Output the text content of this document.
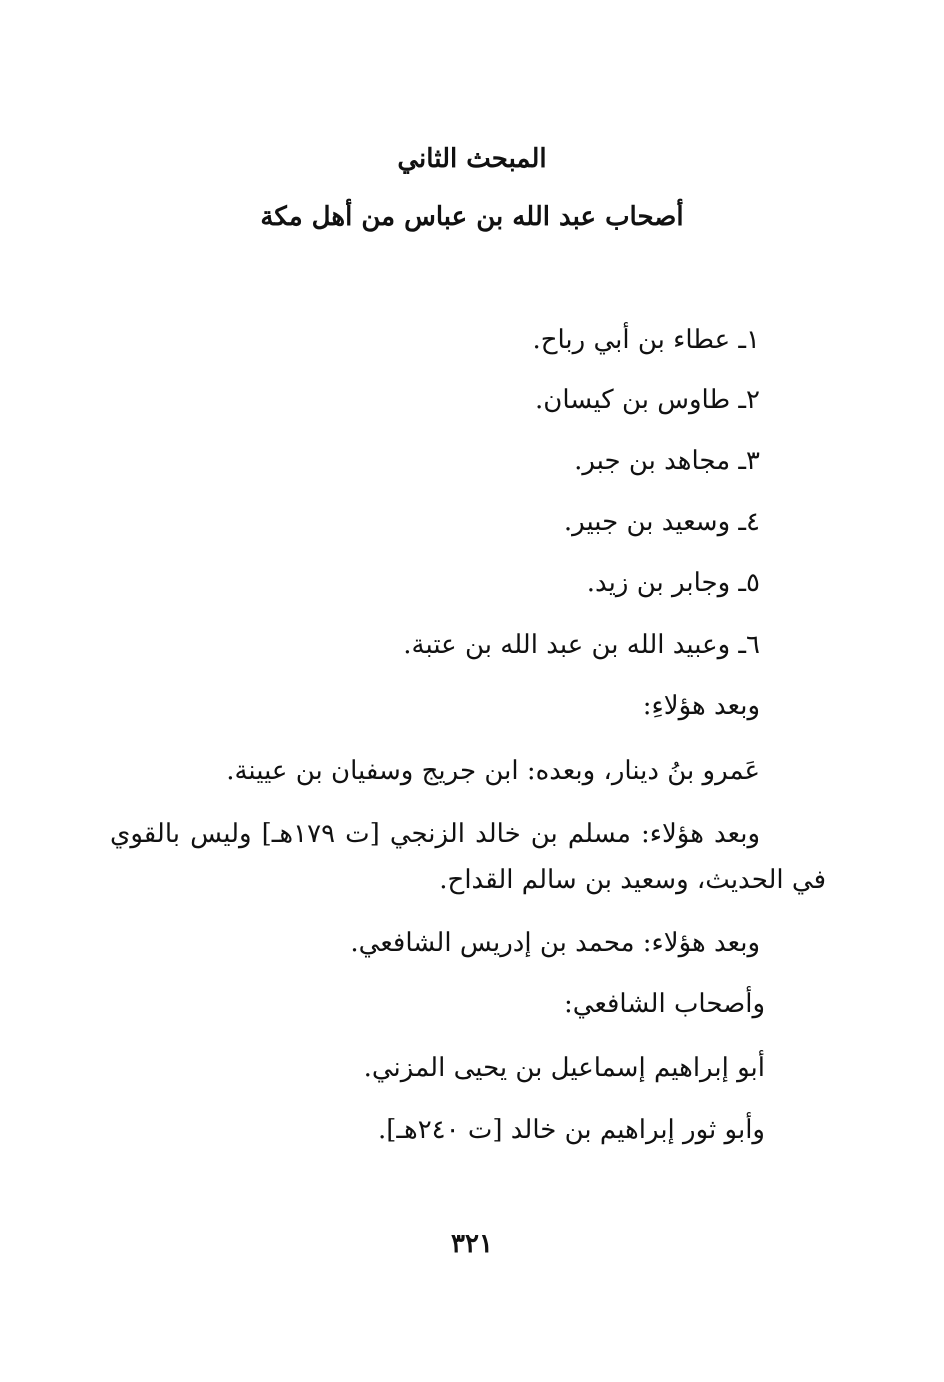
المبحث الثاني
أصحاب عبد الله بن عباس من أهل مكة
١ـ عطاء بن أبي رباح.
٢ـ طاوس بن كيسان.
٣ـ مجاهد بن جبر.
٤ـ وسعيد بن جبير.
٥ـ وجابر بن زيد.
٦ـ وعبيد الله بن عبد الله بن عتبة.
وبعد هؤلاءِ:
عَمرو بنُ دينار، وبعده: ابن جريج وسفيان بن عيينة.
وبعد هؤلاء: مسلم بن خالد الزنجي [ت ١٧٩هـ] وليس بالقوي
في الحديث، وسعيد بن سالم القداح.
وبعد هؤلاء: محمد بن إدريس الشافعي.
وأصحاب الشافعي:
أبو إبراهيم إسماعيل بن يحيى المزني.
وأبو ثور إبراهيم بن خالد [ت ٢٤٠هـ].
٣٢١
